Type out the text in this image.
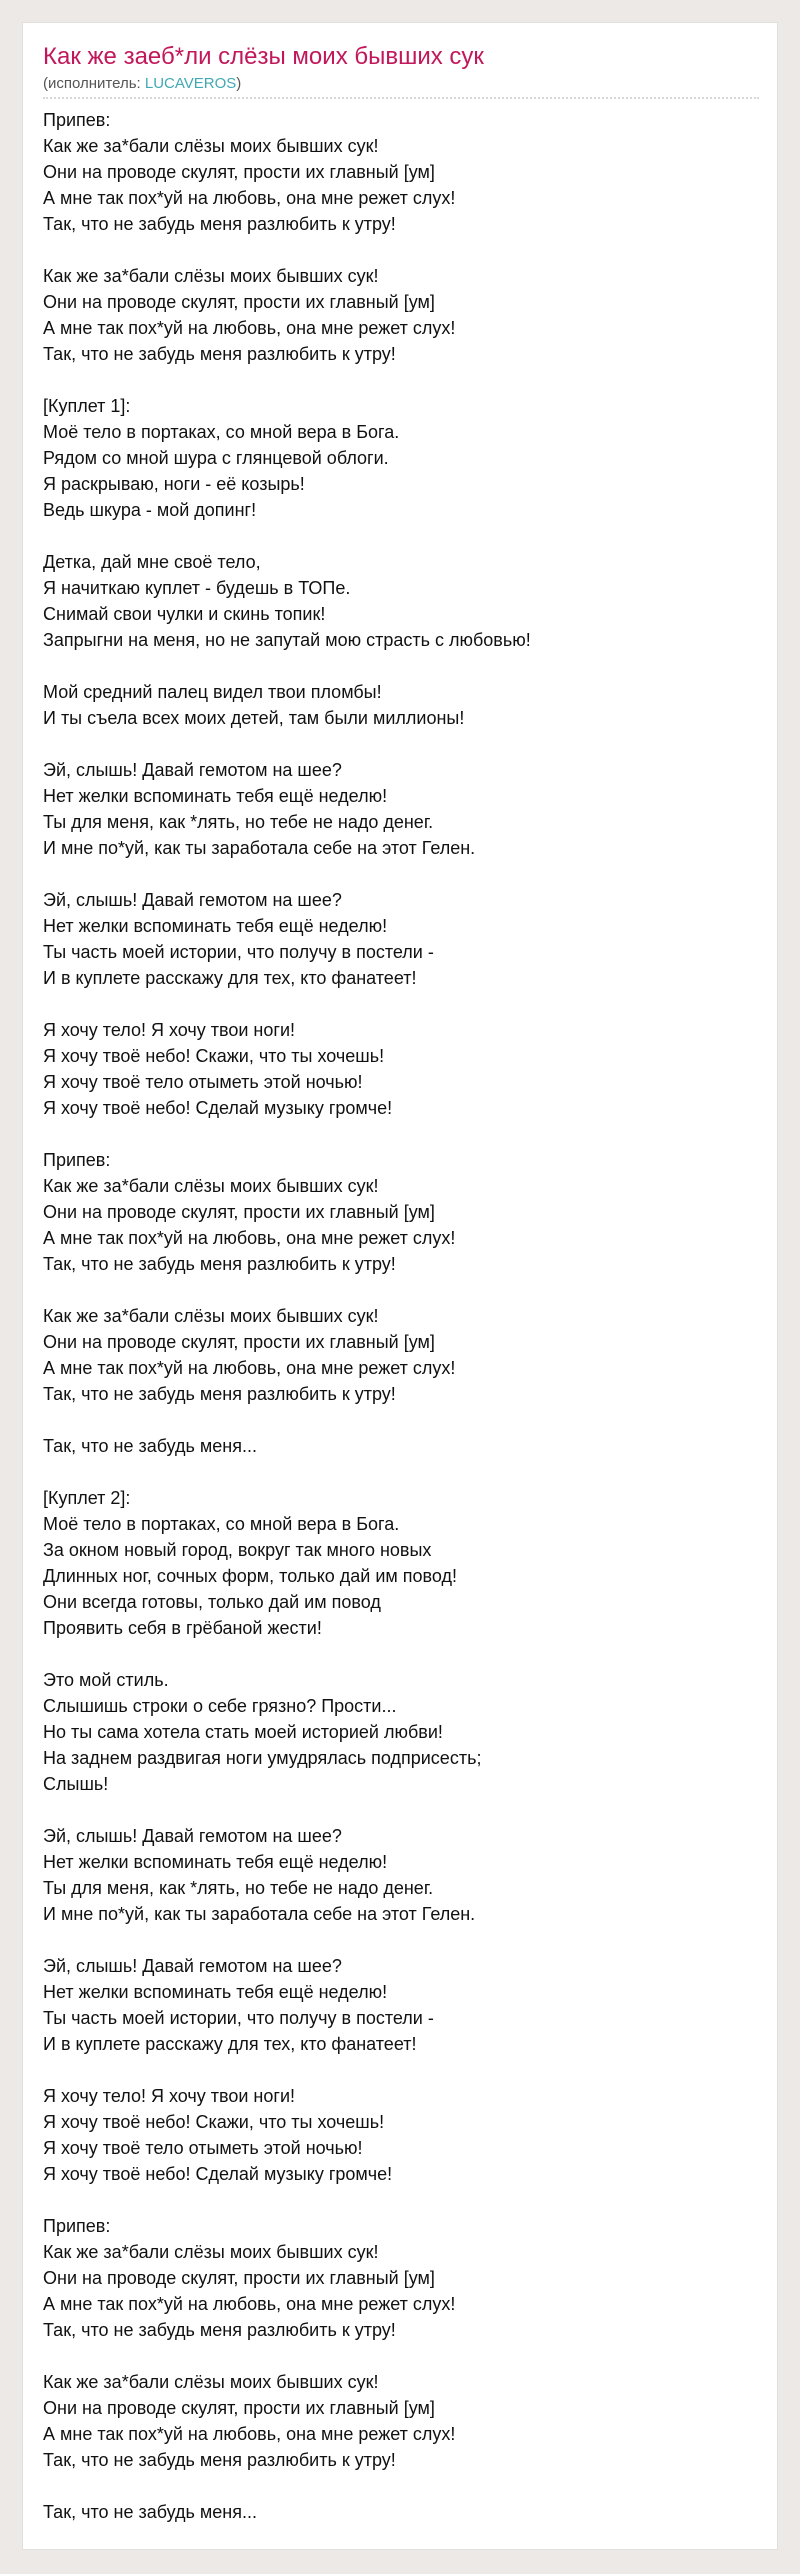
Как же заеб*ли слёзы моих бывших сук
(исполнитель: LUCAVEROS)
Припев:
Как же за*бали слёзы моих бывших сук!
Они на проводе скулят, прости их главный [ум]
А мне так пох*уй на любовь, она мне режет слух!
Так, что не забудь меня разлюбить к утру!
Как же за*бали слёзы моих бывших сук!
Они на проводе скулят, прости их главный [ум]
А мне так пох*уй на любовь, она мне режет слух!
Так, что не забудь меня разлюбить к утру!
[Куплет 1]:
Моё тело в портаках, со мной вера в Бога.
Рядом со мной шура с глянцевой облоги.
Я раскрываю, ноги - её козырь!
Ведь шкура - мой допинг!
Детка, дай мне своё тело,
Я начиткаю куплет - будешь в ТОПе.
Снимай свои чулки и скинь топик!
Запрыгни на меня, но не запутай мою страсть с любовью!
Мой средний палец видел твои пломбы!
И ты съела всех моих детей, там были миллионы!
Эй, слышь! Давай гемотом на шее?
Нет желки вспоминать тебя ещё неделю!
Ты для меня, как *лять, но тебе не надо денег.
И мне по*уй, как ты заработала себе на этот Гелен.
Эй, слышь! Давай гемотом на шее?
Нет желки вспоминать тебя ещё неделю!
Ты часть моей истории, что получу в постели -
И в куплете расскажу для тех, кто фанатеет!
Я хочу тело! Я хочу твои ноги!
Я хочу твоё небо! Скажи, что ты хочешь!
Я хочу твоё тело отыметь этой ночью!
Я хочу твоё небо! Сделай музыку громче!
Припев:
Как же за*бали слёзы моих бывших сук!
Они на проводе скулят, прости их главный [ум]
А мне так пох*уй на любовь, она мне режет слух!
Так, что не забудь меня разлюбить к утру!
Как же за*бали слёзы моих бывших сук!
Они на проводе скулят, прости их главный [ум]
А мне так пох*уй на любовь, она мне режет слух!
Так, что не забудь меня разлюбить к утру!
Так, что не забудь меня...
[Куплет 2]:
Моё тело в портаках, со мной вера в Бога.
За окном новый город, вокруг так много новых
Длинных ног, сочных форм, только дай им повод!
Они всегда готовы, только дай им повод
Проявить себя в грёбаной жести!
Это мой стиль.
Слышишь строки о себе грязно? Прости...
Но ты сама хотела стать моей историей любви!
На заднем раздвигая ноги умудрялась подприсесть;
Слышь!
Эй, слышь! Давай гемотом на шее?
Нет желки вспоминать тебя ещё неделю!
Ты для меня, как *лять, но тебе не надо денег.
И мне по*уй, как ты заработала себе на этот Гелен.
Эй, слышь! Давай гемотом на шее?
Нет желки вспоминать тебя ещё неделю!
Ты часть моей истории, что получу в постели -
И в куплете расскажу для тех, кто фанатеет!
Я хочу тело! Я хочу твои ноги!
Я хочу твоё небо! Скажи, что ты хочешь!
Я хочу твоё тело отыметь этой ночью!
Я хочу твоё небо! Сделай музыку громче!
Припев:
Как же за*бали слёзы моих бывших сук!
Они на проводе скулят, прости их главный [ум]
А мне так пох*уй на любовь, она мне режет слух!
Так, что не забудь меня разлюбить к утру!
Как же за*бали слёзы моих бывших сук!
Они на проводе скулят, прости их главный [ум]
А мне так пох*уй на любовь, она мне режет слух!
Так, что не забудь меня разлюбить к утру!
Так, что не забудь меня...
